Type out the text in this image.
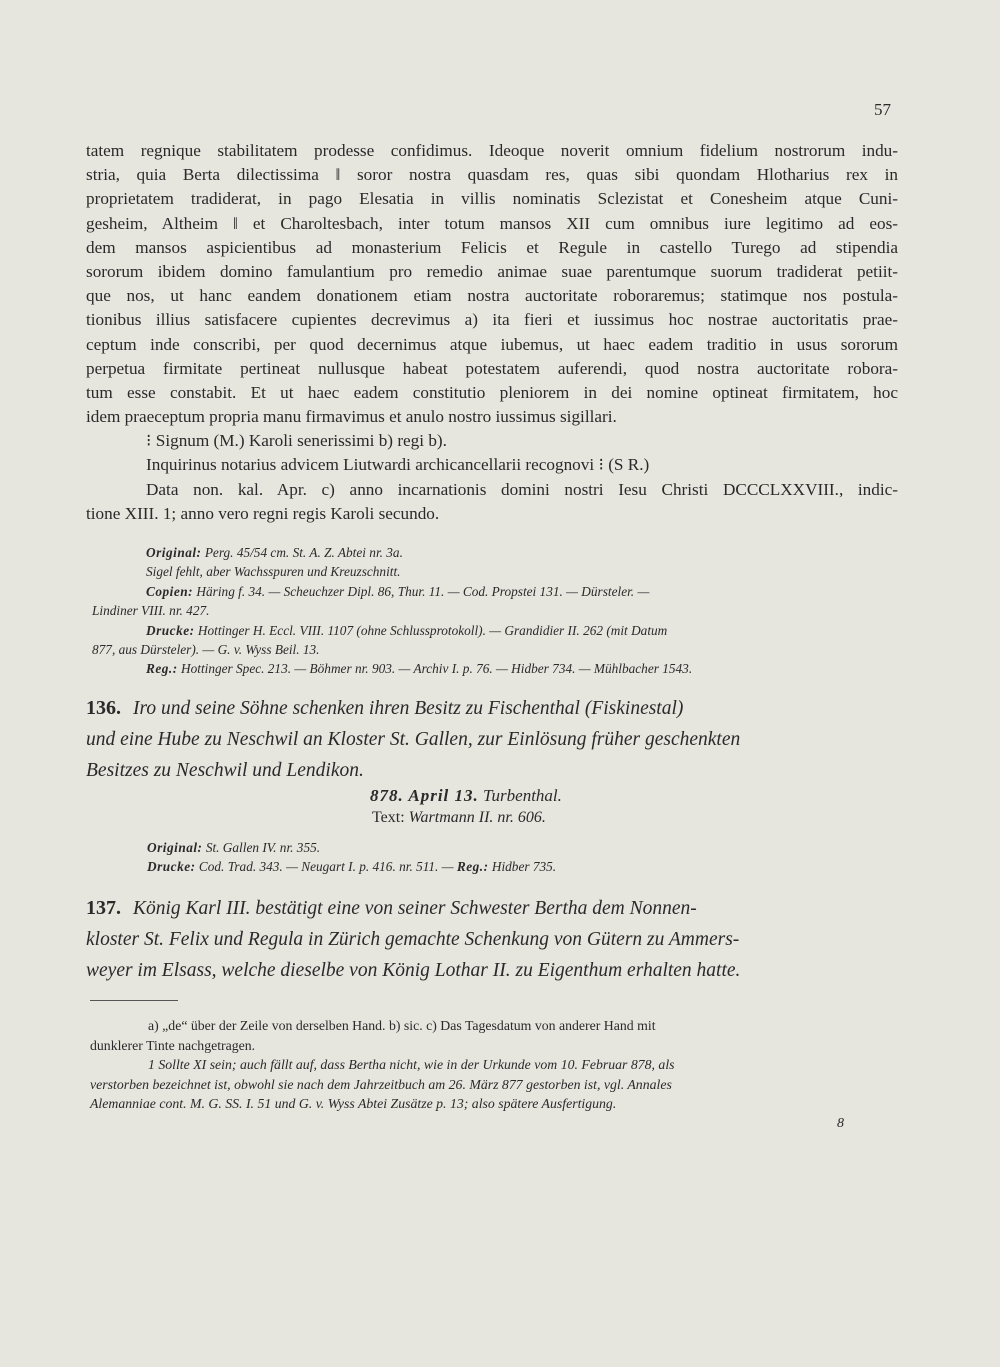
57
tatem regnique stabilitatem prodesse confidimus. Ideoque noverit omnium fidelium nostrorum indu-
stria, quia Berta dilectissima ‖ soror nostra quasdam res, quas sibi quondam Hlotharius rex in
proprietatem tradiderat, in pago Elesatia in villis nominatis Sclezistat et Conesheim atque Cuni-
gesheim, Altheim ‖ et Charoltesbach, inter totum mansos XII cum omnibus iure legitimo ad eos-
dem mansos aspicientibus ad monasterium Felicis et Regule in castello Turego ad stipendia
sororum ibidem domino famulantium pro remedio animae suae parentumque suorum tradiderat petiit-
que nos, ut hanc eandem donationem etiam nostra auctoritate roboraremus; statimque nos postula-
tionibus illius satisfacere cupientes decrevimus a) ita fieri et iussimus hoc nostrae auctoritatis prae-
ceptum inde conscribi, per quod decernimus atque iubemus, ut haec eadem traditio in usus sororum
perpetua firmitate pertineat nullusque habeat potestatem auferendi, quod nostra auctoritate robora-
tum esse constabit. Et ut haec eadem constitutio pleniorem in dei nomine optineat firmitatem, hoc
idem praeceptum propria manu firmavimus et anulo nostro iussimus sigillari.
⁝ Signum (M.) Karoli senerissimi b) regi b).
Inquirinus notarius advicem Liutwardi archicancellarii recognovi ⁝ (S R.)
Data non. kal. Apr. c) anno incarnationis domini nostri Iesu Christi DCCCLXXVIII., indic-
tione XIII. 1; anno vero regni regis Karoli secundo.
Original: Perg. 45/54 cm. St. A. Z. Abtei nr. 3a.
Sigel fehlt, aber Wachsspuren und Kreuzschnitt.
Copien: Häring f. 34. — Scheuchzer Dipl. 86, Thur. 11. — Cod. Propstei 131. — Dürsteler. —
Lindiner VIII. nr. 427.
Drucke: Hottinger H. Eccl. VIII. 1107 (ohne Schlussprotokoll). — Grandidier II. 262 (mit Datum
877, aus Dürsteler). — G. v. Wyss Beil. 13.
Reg.: Hottinger Spec. 213. — Böhmer nr. 903. — Archiv I. p. 76. — Hidber 734. — Mühlbacher 1543.
136. Iro und seine Söhne schenken ihren Besitz zu Fischenthal (Fiskinestal)
und eine Hube zu Neschwil an Kloster St. Gallen, zur Einlösung früher geschenkten
Besitzes zu Neschwil und Lendikon.
878. April 13. Turbenthal.
Text: Wartmann II. nr. 606.
Original: St. Gallen IV. nr. 355.
Drucke: Cod. Trad. 343. — Neugart I. p. 416. nr. 511. — Reg.: Hidber 735.
137. König Karl III. bestätigt eine von seiner Schwester Bertha dem Nonnen-
kloster St. Felix und Regula in Zürich gemachte Schenkung von Gütern zu Ammers-
weyer im Elsass, welche dieselbe von König Lothar II. zu Eigenthum erhalten hatte.
a) „de“ über der Zeile von derselben Hand. b) sic. c) Das Tagesdatum von anderer Hand mit
dunklerer Tinte nachgetragen.
1 Sollte XI sein; auch fällt auf, dass Bertha nicht, wie in der Urkunde vom 10. Februar 878, als
verstorben bezeichnet ist, obwohl sie nach dem Jahrzeitbuch am 26. März 877 gestorben ist, vgl. Annales
Alemanniae cont. M. G. SS. I. 51 und G. v. Wyss Abtei Zusätze p. 13; also spätere Ausfertigung.
8
